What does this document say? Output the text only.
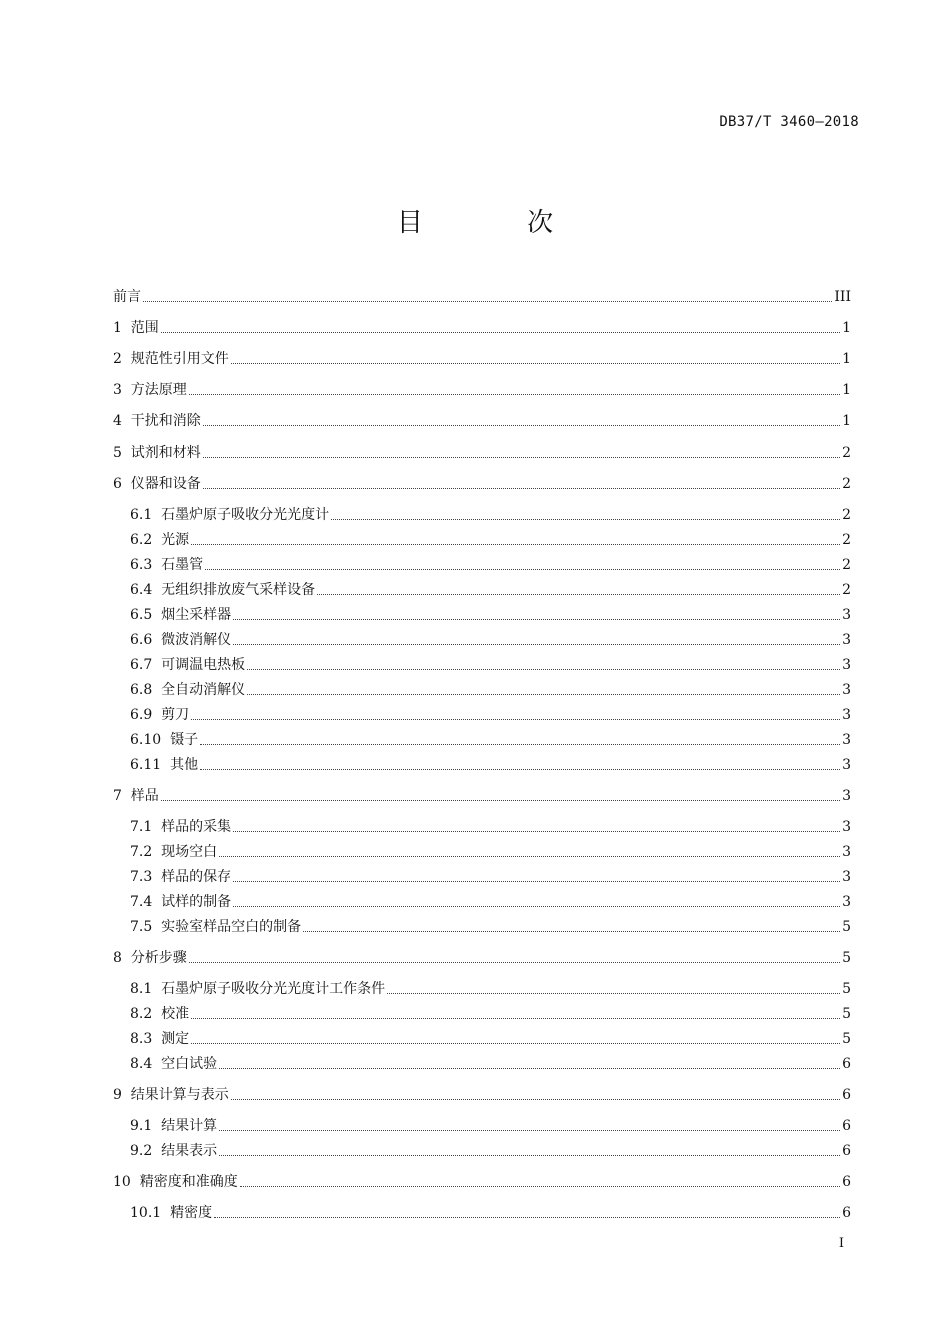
DB37/T 3460—2018
目 次
前言	III
1  范围	1
2  规范性引用文件	1
3  方法原理	1
4  干扰和消除	1
5  试剂和材料	2
6  仪器和设备	2
6.1  石墨炉原子吸收分光光度计	2
6.2  光源	2
6.3  石墨管	2
6.4  无组织排放废气采样设备	2
6.5  烟尘采样器	3
6.6  微波消解仪	3
6.7  可调温电热板	3
6.8  全自动消解仪	3
6.9  剪刀	3
6.10  镊子	3
6.11  其他	3
7  样品	3
7.1  样品的采集	3
7.2  现场空白	3
7.3  样品的保存	3
7.4  试样的制备	3
7.5  实验室样品空白的制备	5
8  分析步骤	5
8.1  石墨炉原子吸收分光光度计工作条件	5
8.2  校准	5
8.3  测定	5
8.4  空白试验	6
9  结果计算与表示	6
9.1  结果计算	6
9.2  结果表示	6
10  精密度和准确度	6
10.1  精密度	6
I
